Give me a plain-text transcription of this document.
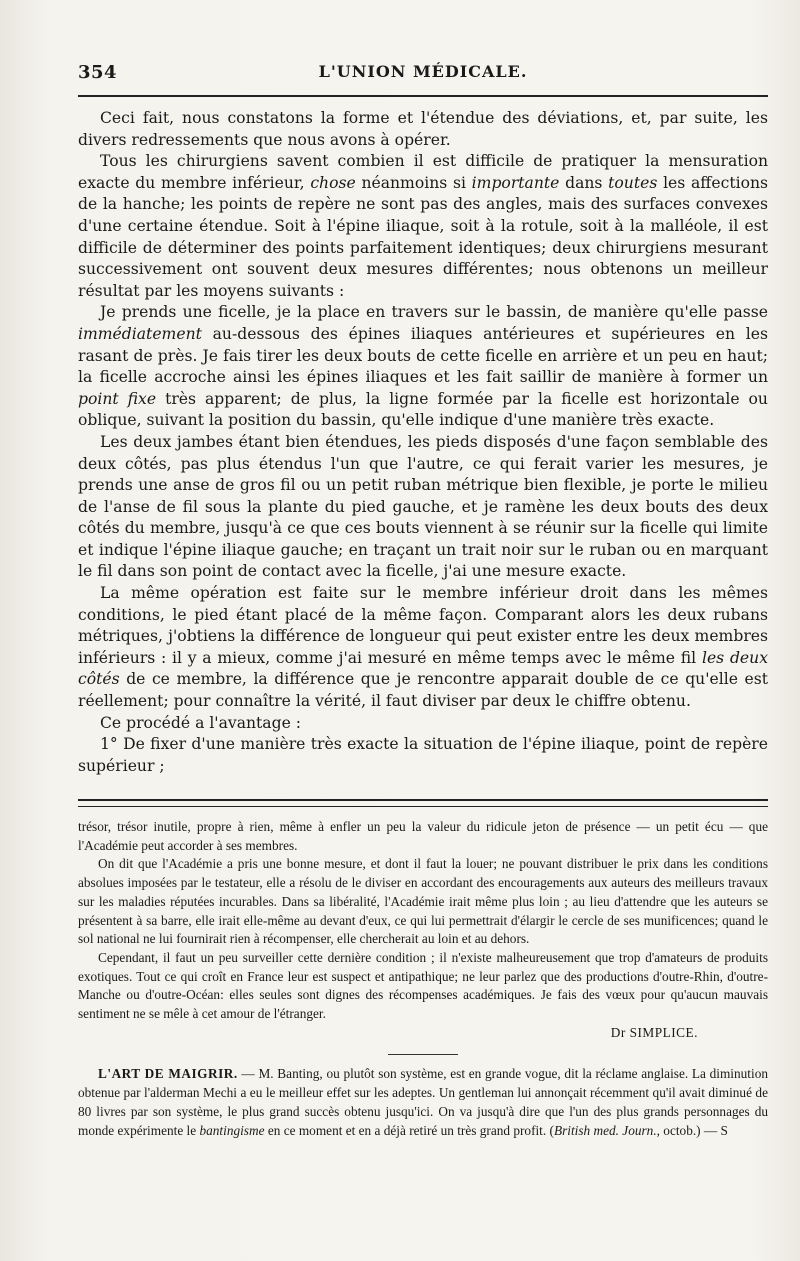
354	L'UNION MÉDICALE.

Ceci fait, nous constatons la forme et l'étendue des déviations, et, par suite, les divers redressements que nous avons à opérer.

Tous les chirurgiens savent combien il est difficile de pratiquer la mensuration exacte du membre inférieur, chose néanmoins si importante dans toutes les affections de la hanche; les points de repère ne sont pas des angles, mais des surfaces convexes d'une certaine étendue. Soit à l'épine iliaque, soit à la rotule, soit à la malléole, il est difficile de déterminer des points parfaitement identiques; deux chirurgiens mesurant successivement ont souvent deux mesures différentes; nous obtenons un meilleur résultat par les moyens suivants :

Je prends une ficelle, je la place en travers sur le bassin, de manière qu'elle passe immédiatement au-dessous des épines iliaques antérieures et supérieures en les rasant de près. Je fais tirer les deux bouts de cette ficelle en arrière et un peu en haut; la ficelle accroche ainsi les épines iliaques et les fait saillir de manière à former un point fixe très apparent; de plus, la ligne formée par la ficelle est horizontale ou oblique, suivant la position du bassin, qu'elle indique d'une manière très exacte.

Les deux jambes étant bien étendues, les pieds disposés d'une façon semblable des deux côtés, pas plus étendus l'un que l'autre, ce qui ferait varier les mesures, je prends une anse de gros fil ou un petit ruban métrique bien flexible, je porte le milieu de l'anse de fil sous la plante du pied gauche, et je ramène les deux bouts des deux côtés du membre, jusqu'à ce que ces bouts viennent à se réunir sur la ficelle qui limite et indique l'épine iliaque gauche; en traçant un trait noir sur le ruban ou en marquant le fil dans son point de contact avec la ficelle, j'ai une mesure exacte.

La même opération est faite sur le membre inférieur droit dans les mêmes conditions, le pied étant placé de la même façon. Comparant alors les deux rubans métriques, j'obtiens la différence de longueur qui peut exister entre les deux membres inférieurs : il y a mieux, comme j'ai mesuré en même temps avec le même fil les deux côtés de ce membre, la différence que je rencontre apparait double de ce qu'elle est réellement; pour connaître la vérité, il faut diviser par deux le chiffre obtenu.

Ce procédé a l'avantage :

1° De fixer d'une manière très exacte la situation de l'épine iliaque, point de repère supérieur ;

trésor, trésor inutile, propre à rien, même à enfler un peu la valeur du ridicule jeton de présence — un petit écu — que l'Académie peut accorder à ses membres.

On dit que l'Académie a pris une bonne mesure, et dont il faut la louer; ne pouvant distribuer le prix dans les conditions absolues imposées par le testateur, elle a résolu de le diviser en accordant des encouragements aux auteurs des meilleurs travaux sur les maladies réputées incurables. Dans sa libéralité, l'Académie irait même plus loin ; au lieu d'attendre que les auteurs se présentent à sa barre, elle irait elle-même au devant d'eux, ce qui lui permettrait d'élargir le cercle de ses munificences; quand le sol national ne lui fournirait rien à récompenser, elle chercherait au loin et au dehors.

Cependant, il faut un peu surveiller cette dernière condition ; il n'existe malheureusement que trop d'amateurs de produits exotiques. Tout ce qui croît en France leur est suspect et antipathique; ne leur parlez que des productions d'outre-Rhin, d'outre-Manche ou d'outre-Océan: elles seules sont dignes des récompenses académiques. Je fais des vœux pour qu'aucun mauvais sentiment ne se mêle à cet amour de l'étranger.

Dr SIMPLICE.

L'ART DE MAIGRIR. — M. Banting, ou plutôt son système, est en grande vogue, dit la réclame anglaise. La diminution obtenue par l'alderman Mechi a eu le meilleur effet sur les adeptes. Un gentleman lui annonçait récemment qu'il avait diminué de 80 livres par son système, le plus grand succès obtenu jusqu'ici. On va jusqu'à dire que l'un des plus grands personnages du monde expérimente le bantingisme en ce moment et en a déjà retiré un très grand profit. (British med. Journ., octob.) — S
